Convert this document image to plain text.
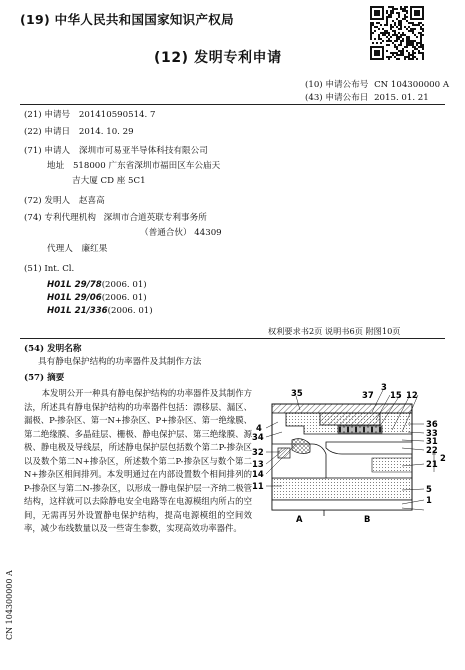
(19) 中华人民共和国国家知识产权局
(12) 发明专利申请
(10) 申请公布号 CN 104300000 A
(43) 申请公布日 2015. 01. 21
(21) 申请号 201410590514. 7
(22) 申请日 2014. 10. 29
(71) 申请人 深圳市可易亚半导体科技有限公司
地址 518000 广东省深圳市福田区车公庙天
吉大厦 CD 座 5C1
(72) 发明人 赵喜高
(74) 专利代理机构 深圳市合道英联专利事务所
（普通合伙） 44309
代理人 廉红果
(51) Int. Cl.
H01L 29/78(2006. 01)
H01L 29/06(2006. 01)
H01L 21/336(2006. 01)
权利要求书2页 说明书6页 附图10页
(54) 发明名称
具有静电保护结构的功率器件及其制作方法
(57) 摘要

本发明公开一种具有静电保护结构的功率器件及其制作方法，所述具有静电保护结构的功率器件包括：漂移层、漏区、漏极、P-掺杂区、第一N+掺杂区、P+掺杂区、第一绝缘膜、第二绝缘膜、多晶硅层、栅极、静电保护层、第三绝缘膜、源极、静电极及导线层，所述静电保护层包括数个第二P-掺杂区以及数个第二N+掺杂区，所述数个第二P-掺杂区与数个第二N+掺杂区相间排列。本发明通过在内部设置数个相间排列的P-掺杂区与第二N-掺杂区，以形成一静电保护层一齐纳二极管结构，这样就可以去除静电安全电路等在电源模组内所占的空间，无需再另外设置静电保护结构，提高电源模组的空间效率，减少布线数量以及一些寄生参数，实现高效功率器件。

CN 104300000 A
35
3
37 15 12
4
34
32
13
14
11
36
33
31
22
2
21
5
1
A	B
